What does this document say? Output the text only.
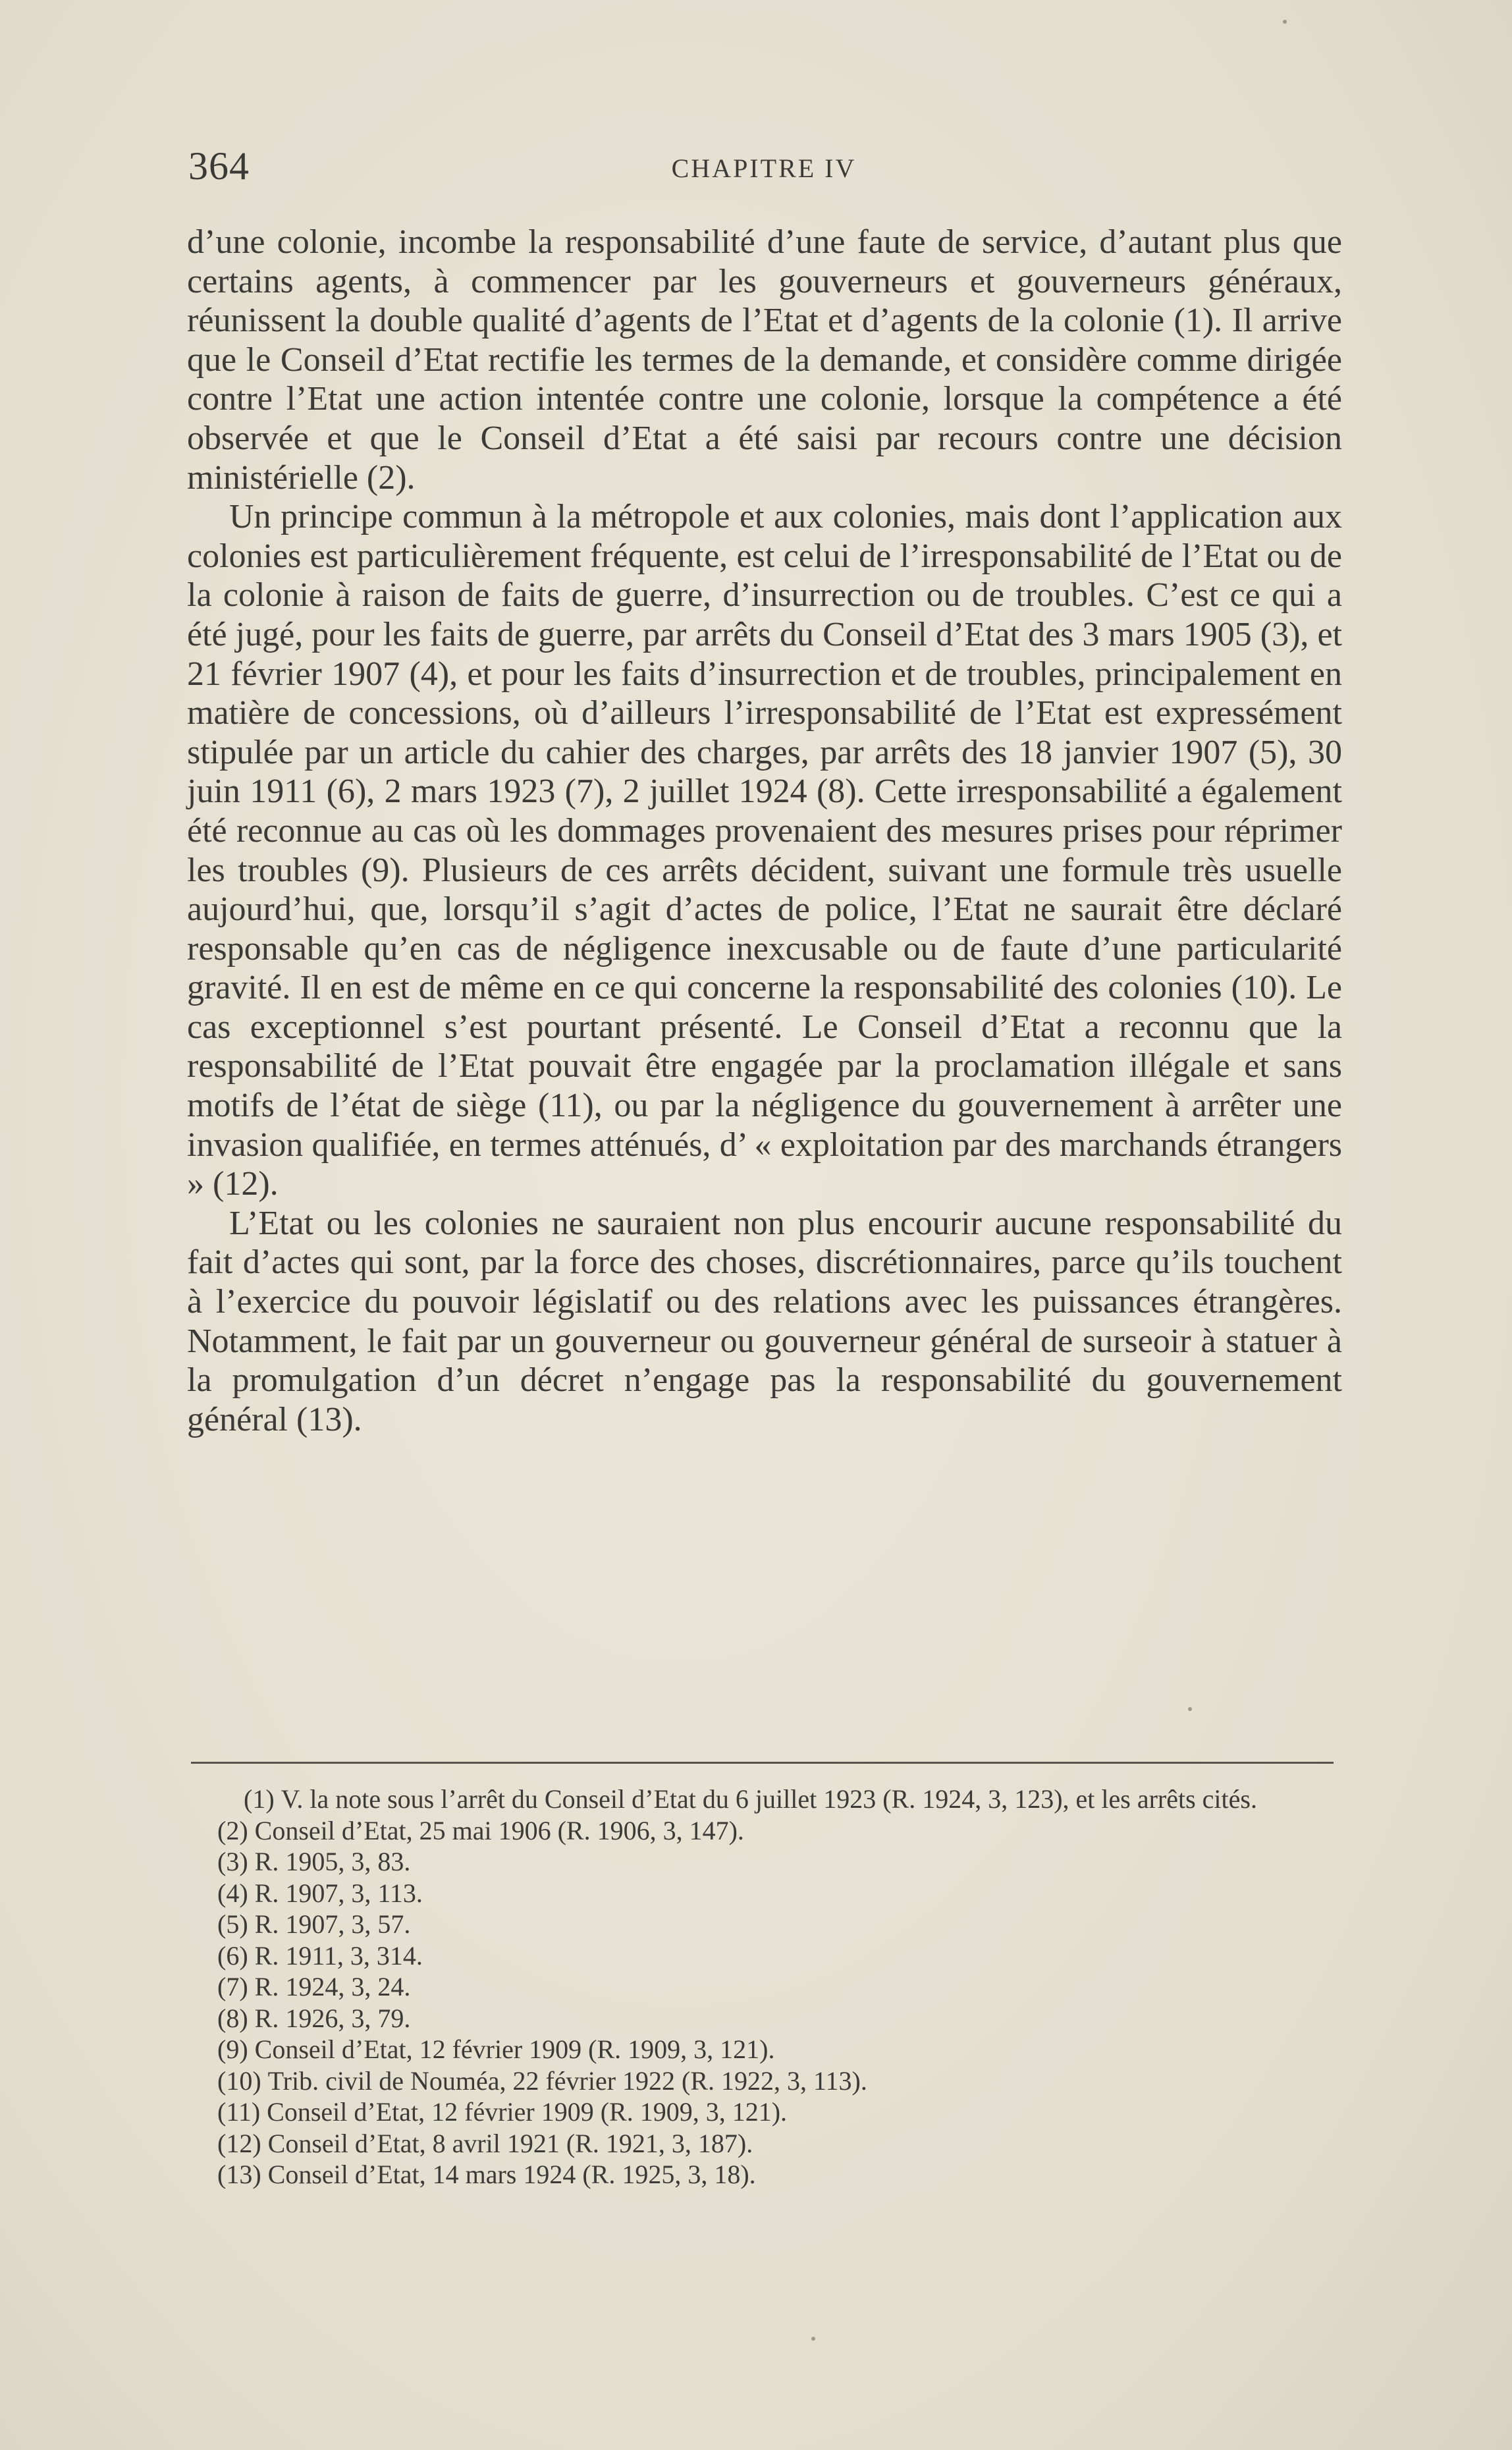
364	CHAPITRE IV

d’une colonie, incombe la responsabilité d’une faute de service, d’autant plus que certains agents, à commencer par les gouverneurs et gouverneurs généraux, réunissent la double qualité d’agents de l’Etat et d’agents de la colonie (1). Il arrive que le Conseil d’Etat rectifie les termes de la demande, et considère comme dirigée contre l’Etat une action intentée contre une colonie, lorsque la compétence a été observée et que le Conseil d’Etat a été saisi par recours contre une décision ministérielle (2).

Un principe commun à la métropole et aux colonies, mais dont l’application aux colonies est particulièrement fréquente, est celui de l’irresponsabilité de l’Etat ou de la colonie à raison de faits de guerre, d’insurrection ou de troubles. C’est ce qui a été jugé, pour les faits de guerre, par arrêts du Conseil d’Etat des 3 mars 1905 (3), et 21 février 1907 (4), et pour les faits d’insurrection et de troubles, principalement en matière de concessions, où d’ailleurs l’irresponsabilité de l’Etat est expressément stipulée par un article du cahier des charges, par arrêts des 18 janvier 1907 (5), 30 juin 1911 (6), 2 mars 1923 (7), 2 juillet 1924 (8). Cette irresponsabilité a également été reconnue au cas où les dommages provenaient des mesures prises pour réprimer les troubles (9). Plusieurs de ces arrêts décident, suivant une formule très usuelle aujourd’hui, que, lorsqu’il s’agit d’actes de police, l’Etat ne saurait être déclaré responsable qu’en cas de négligence inexcusable ou de faute d’une particularité gravité. Il en est de même en ce qui concerne la responsabilité des colonies (10). Le cas exceptionnel s’est pourtant présenté. Le Conseil d’Etat a reconnu que la responsabilité de l’Etat pouvait être engagée par la proclamation illégale et sans motifs de l’état de siège (11), ou par la négligence du gouvernement à arrêter une invasion qualifiée, en termes atténués, d’ « exploitation par des marchands étrangers » (12).

L’Etat ou les colonies ne sauraient non plus encourir aucune responsabilité du fait d’actes qui sont, par la force des choses, discrétionnaires, parce qu’ils touchent à l’exercice du pouvoir législatif ou des relations avec les puissances étrangères. Notamment, le fait par un gouverneur ou gouverneur général de surseoir à statuer à la promulgation d’un décret n’engage pas la responsabilité du gouvernement général (13).

(1) V. la note sous l’arrêt du Conseil d’Etat du 6 juillet 1923 (R. 1924, 3, 123), et les arrêts cités.

(2) Conseil d’Etat, 25 mai 1906 (R. 1906, 3, 147).

(3) R. 1905, 3, 83.

(4) R. 1907, 3, 113.

(5) R. 1907, 3, 57.

(6) R. 1911, 3, 314.

(7) R. 1924, 3, 24.

(8) R. 1926, 3, 79.

(9) Conseil d’Etat, 12 février 1909 (R. 1909, 3, 121).

(10) Trib. civil de Nouméa, 22 février 1922 (R. 1922, 3, 113).

(11) Conseil d’Etat, 12 février 1909 (R. 1909, 3, 121).

(12) Conseil d’Etat, 8 avril 1921 (R. 1921, 3, 187).

(13) Conseil d’Etat, 14 mars 1924 (R. 1925, 3, 18).
